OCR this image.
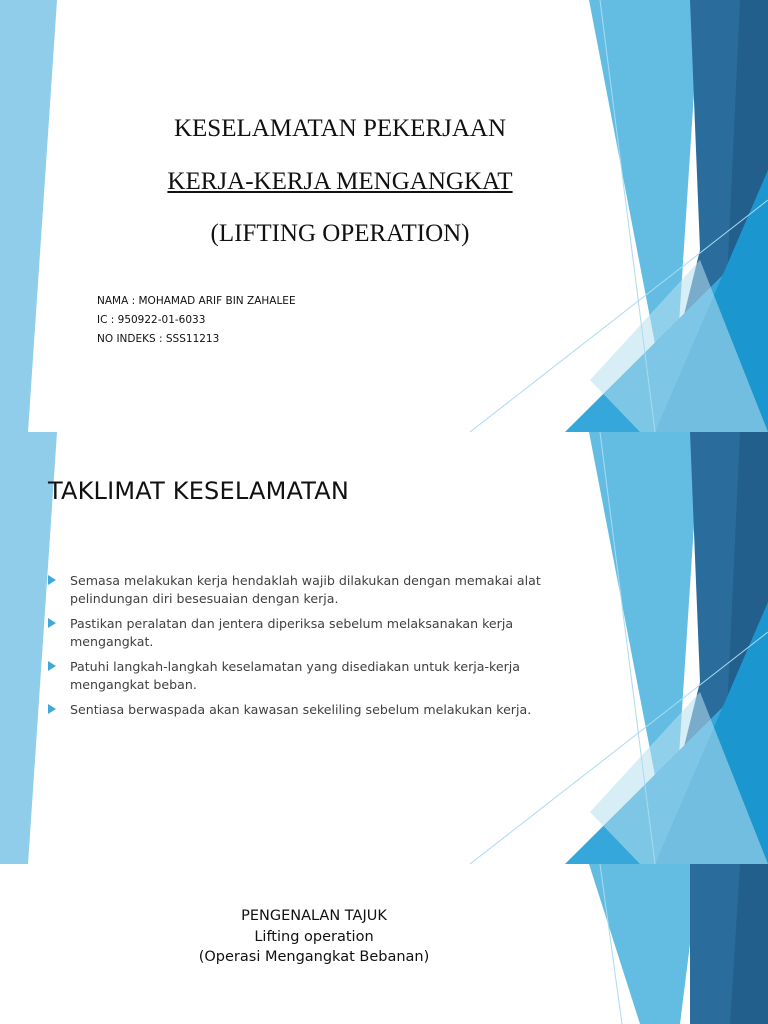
KESELAMATAN PEKERJAAN
KERJA-KERJA MENGANGKAT
(LIFTING OPERATION)
NAMA : MOHAMAD ARIF BIN ZAHALEE
IC : 950922-01-6033
NO INDEKS : SSS11213
TAKLIMAT KESELAMATAN
Semasa melakukan kerja hendaklah wajib dilakukan dengan memakai alat pelindungan diri besesuaian dengan kerja.
Pastikan peralatan dan jentera diperiksa sebelum melaksanakan kerja mengangkat.
Patuhi langkah-langkah keselamatan yang disediakan untuk kerja-kerja mengangkat beban.
Sentiasa berwaspada akan kawasan sekeliling sebelum melakukan kerja.
PENGENALAN TAJUK
Lifting operation
(Operasi Mengangkat Bebanan)
